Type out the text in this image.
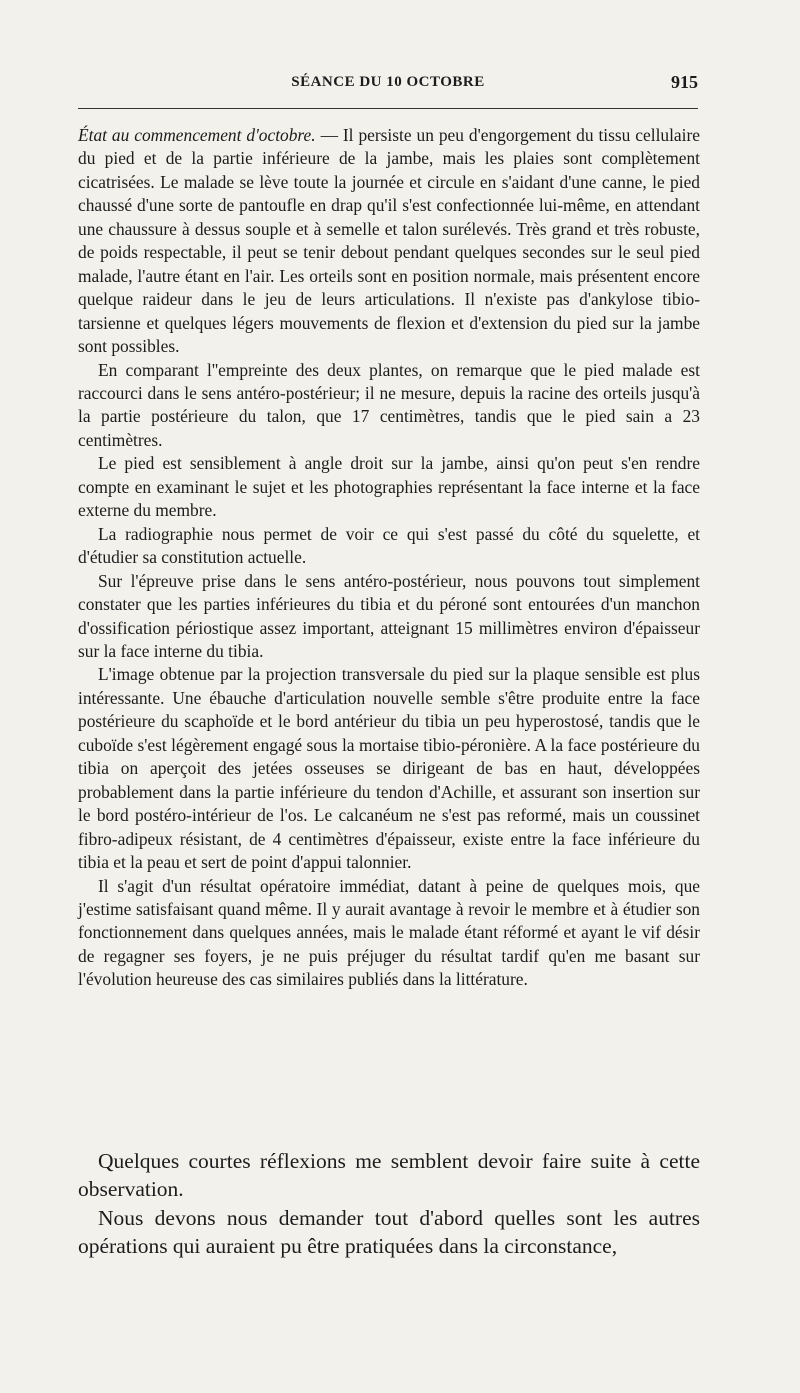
SÉANCE DU 10 OCTOBRE	915

État au commencement d'octobre. — Il persiste un peu d'engorgement du tissu cellulaire du pied et de la partie inférieure de la jambe, mais les plaies sont complètement cicatrisées. Le malade se lève toute la journée et circule en s'aidant d'une canne, le pied chaussé d'une sorte de pantoufle en drap qu'il s'est confectionnée lui-même, en attendant une chaussure à dessus souple et à semelle et talon surélevés. Très grand et très robuste, de poids respectable, il peut se tenir debout pendant quelques secondes sur le seul pied malade, l'autre étant en l'air. Les orteils sont en position normale, mais présentent encore quelque raideur dans le jeu de leurs articulations. Il n'existe pas d'ankylose tibio-tarsienne et quelques légers mouvements de flexion et d'extension du pied sur la jambe sont possibles.

En comparant l''empreinte des deux plantes, on remarque que le pied malade est raccourci dans le sens antéro-postérieur; il ne mesure, depuis la racine des orteils jusqu'à la partie postérieure du talon, que 17 centimètres, tandis que le pied sain a 23 centimètres.

Le pied est sensiblement à angle droit sur la jambe, ainsi qu'on peut s'en rendre compte en examinant le sujet et les photographies représentant la face interne et la face externe du membre.

La radiographie nous permet de voir ce qui s'est passé du côté du squelette, et d'étudier sa constitution actuelle.

Sur l'épreuve prise dans le sens antéro-postérieur, nous pouvons tout simplement constater que les parties inférieures du tibia et du péroné sont entourées d'un manchon d'ossification périostique assez important, atteignant 15 millimètres environ d'épaisseur sur la face interne du tibia.

L'image obtenue par la projection transversale du pied sur la plaque sensible est plus intéressante. Une ébauche d'articulation nouvelle semble s'être produite entre la face postérieure du scaphoïde et le bord antérieur du tibia un peu hyperostosé, tandis que le cuboïde s'est légèrement engagé sous la mortaise tibio-péronière. A la face postérieure du tibia on aperçoit des jetées osseuses se dirigeant de bas en haut, développées probablement dans la partie inférieure du tendon d'Achille, et assurant son insertion sur le bord postéro-intérieur de l'os. Le calcanéum ne s'est pas reformé, mais un coussinet fibro-adipeux résistant, de 4 centimètres d'épaisseur, existe entre la face inférieure du tibia et la peau et sert de point d'appui talonnier.

Il s'agit d'un résultat opératoire immédiat, datant à peine de quelques mois, que j'estime satisfaisant quand même. Il y aurait avantage à revoir le membre et à étudier son fonctionnement dans quelques années, mais le malade étant réformé et ayant le vif désir de regagner ses foyers, je ne puis préjuger du résultat tardif qu'en me basant sur l'évolution heureuse des cas similaires publiés dans la littérature.

Quelques courtes réflexions me semblent devoir faire suite à cette observation.

Nous devons nous demander tout d'abord quelles sont les autres opérations qui auraient pu être pratiquées dans la circonstance,
